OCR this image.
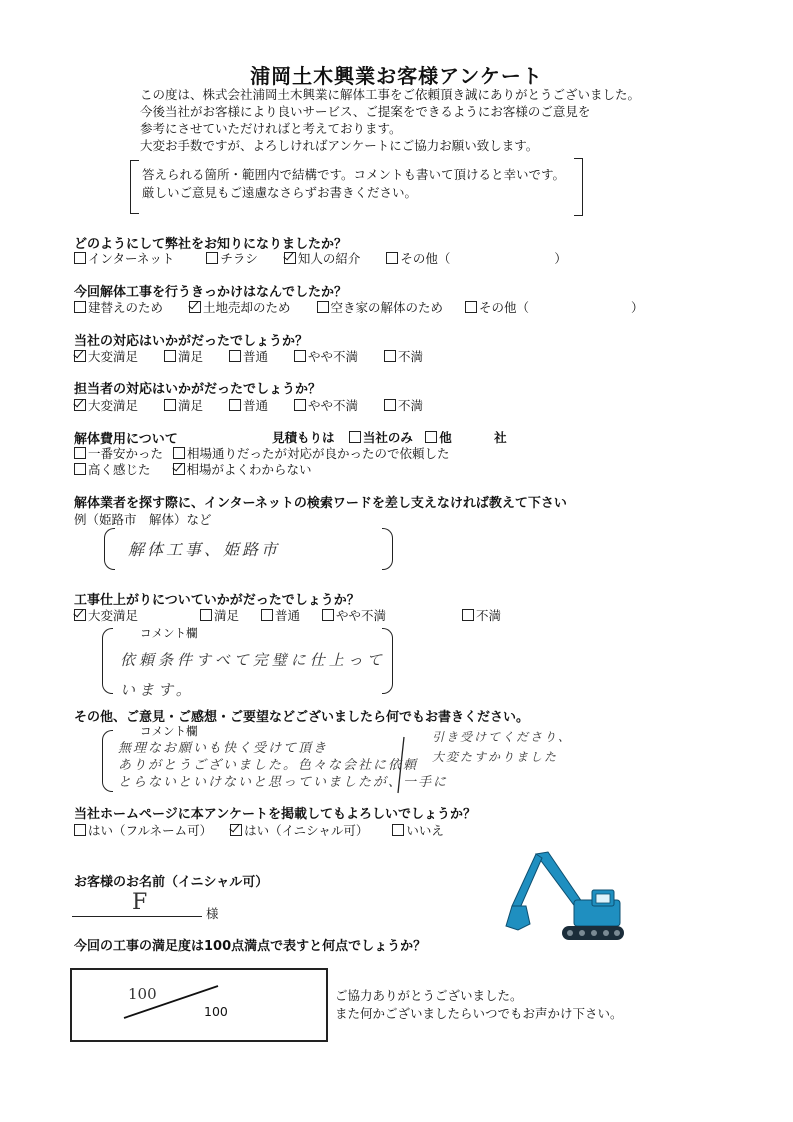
浦岡土木興業お客様アンケート
この度は、株式会社浦岡土木興業に解体工事をご依頼頂き誠にありがとうございました。
今後当社がお客様により良いサービス、ご提案をできるようにお客様のご意見を
参考にさせていただければと考えております。
大変お手数ですが、よろしければアンケートにご協力お願い致します。
答えられる箇所・範囲内で結構です。コメントも書いて頂けると幸いです。
厳しいご意見もご遠慮なさらずお書きください。
どのようにして弊社をお知りになりましたか？
インターネット	チラシ	知人の紹介	その他（	）
今回解体工事を行うきっかけはなんでしたか？
建替えのため	土地売却のため	空き家の解体のため	その他（	）
当社の対応はいかがだったでしょうか？
大変満足	満足	普通	やや不満	不満
担当者の対応はいかがだったでしょうか？
大変満足	満足	普通	やや不満	不満
解体費用について	見積もりは 当社のみ 他	社
一番安かった 相場通りだったが対応が良かったので依頼した
高く感じた	相場がよくわからない
解体業者を探す際に、インターネットの検索ワードを差し支えなければ教えて下さい
例（姫路市　解体）など
解体工事、姫路市
工事仕上がりについていかがだったでしょうか？
大変満足	満足	普通	やや不満	不満
コメント欄
依頼条件すべて完璧に仕上って
います。
その他、ご意見・ご感想・ご要望などございましたら何でもお書きください。
コメント欄
無理なお願いも快く受けて頂き
ありがとうございました。色々な会社に依頼
とらないといけないと思っていましたが、一手に
引き受けてくださり、
大変たすかりました
当社ホームページに本アンケートを掲載してもよろしいでしょうか？
はい（フルネーム可）	はい（イニシャル可）	いいえ
お客様のお名前（イニシャル可）
F	様
今回の工事の満足度は100点満点で表すと何点でしょうか？
100
100
ご協力ありがとうございました。
また何かございましたらいつでもお声かけ下さい。
